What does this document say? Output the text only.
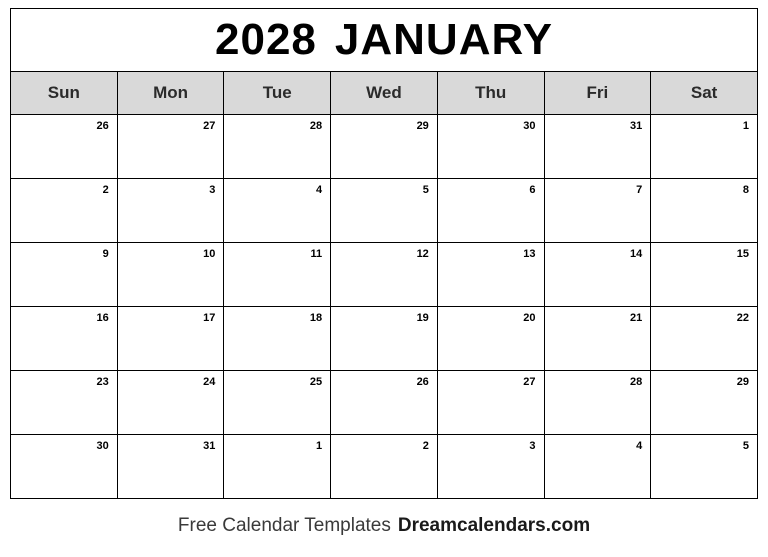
2028 JANUARY						
Sun	Mon	Tue	Wed	Thu	Fri	Sat

26	27	28	29	30	31	1

2	3	4	5	6	7	8

9	10	11	12	13	14	15

16	17	18	19	20	21	22

23	24	25	26	27	28	29

30	31	1	2	3	4	5
Free Calendar Templates Dreamcalendars.com
